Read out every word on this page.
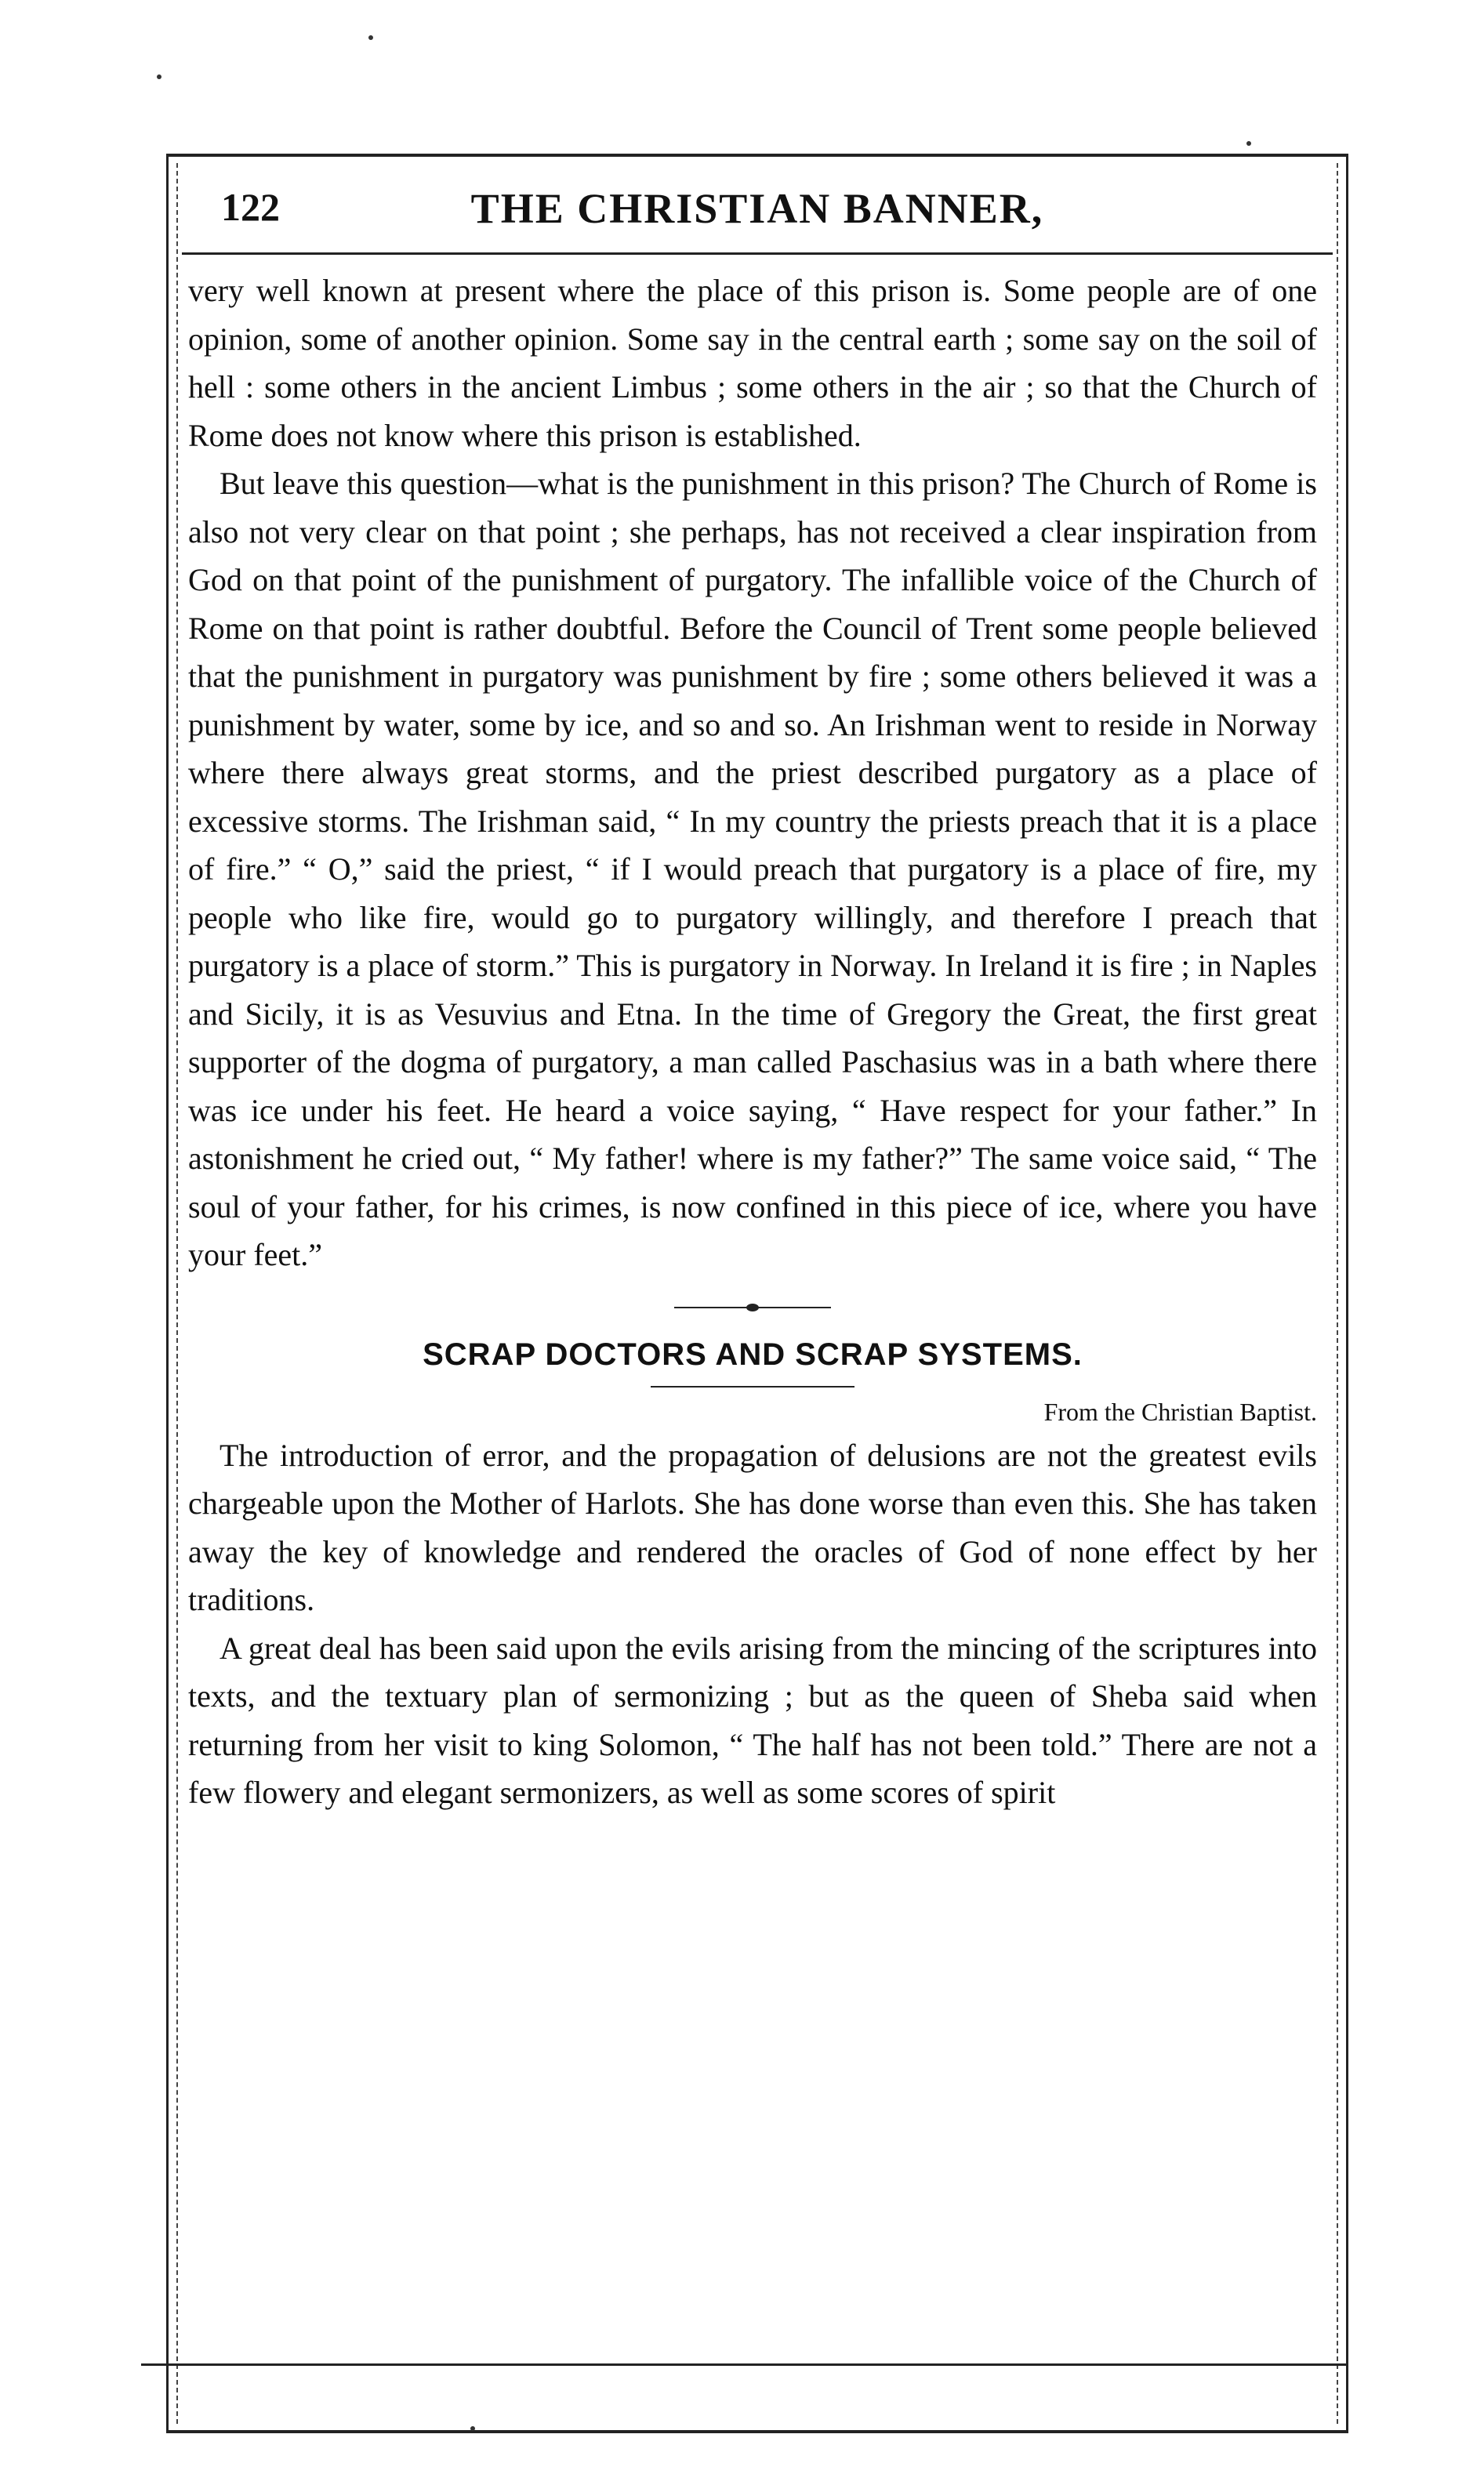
122	THE CHRISTIAN BANNER,

very well known at present where the place of this prison is. Some people are of one opinion, some of another opinion. Some say in the central earth ; some say on the soil of hell : some others in the ancient Limbus ; some others in the air ; so that the Church of Rome does not know where this prison is established.

But leave this question—what is the punishment in this prison? The Church of Rome is also not very clear on that point ; she perhaps, has not received a clear inspiration from God on that point of the punishment of purgatory. The infallible voice of the Church of Rome on that point is rather doubtful. Before the Council of Trent some people believed that the punishment in purgatory was punishment by fire ; some others believed it was a punishment by water, some by ice, and so and so. An Irishman went to reside in Norway where there always great storms, and the priest described purgatory as a place of excessive storms. The Irishman said, “ In my country the priests preach that it is a place of fire.” “ O,” said the priest, “ if I would preach that purgatory is a place of fire, my people who like fire, would go to purgatory willingly, and therefore I preach that purgatory is a place of storm.” This is purgatory in Norway. In Ireland it is fire ; in Naples and Sicily, it is as Vesuvius and Etna. In the time of Gregory the Great, the first great supporter of the dogma of purgatory, a man called Paschasius was in a bath where there was ice under his feet. He heard a voice saying, “ Have respect for your father.” In astonishment he cried out, “ My father! where is my father?” The same voice said, “ The soul of your father, for his crimes, is now confined in this piece of ice, where you have your feet.”

SCRAP DOCTORS AND SCRAP SYSTEMS.

From the Christian Baptist.

The introduction of error, and the propagation of delusions are not the greatest evils chargeable upon the Mother of Harlots. She has done worse than even this. She has taken away the key of knowledge and rendered the oracles of God of none effect by her traditions.

A great deal has been said upon the evils arising from the mincing of the scriptures into texts, and the textuary plan of sermonizing ; but as the queen of Sheba said when returning from her visit to king Solomon, “ The half has not been told.” There are not a few flowery and elegant sermonizers, as well as some scores of spirit
